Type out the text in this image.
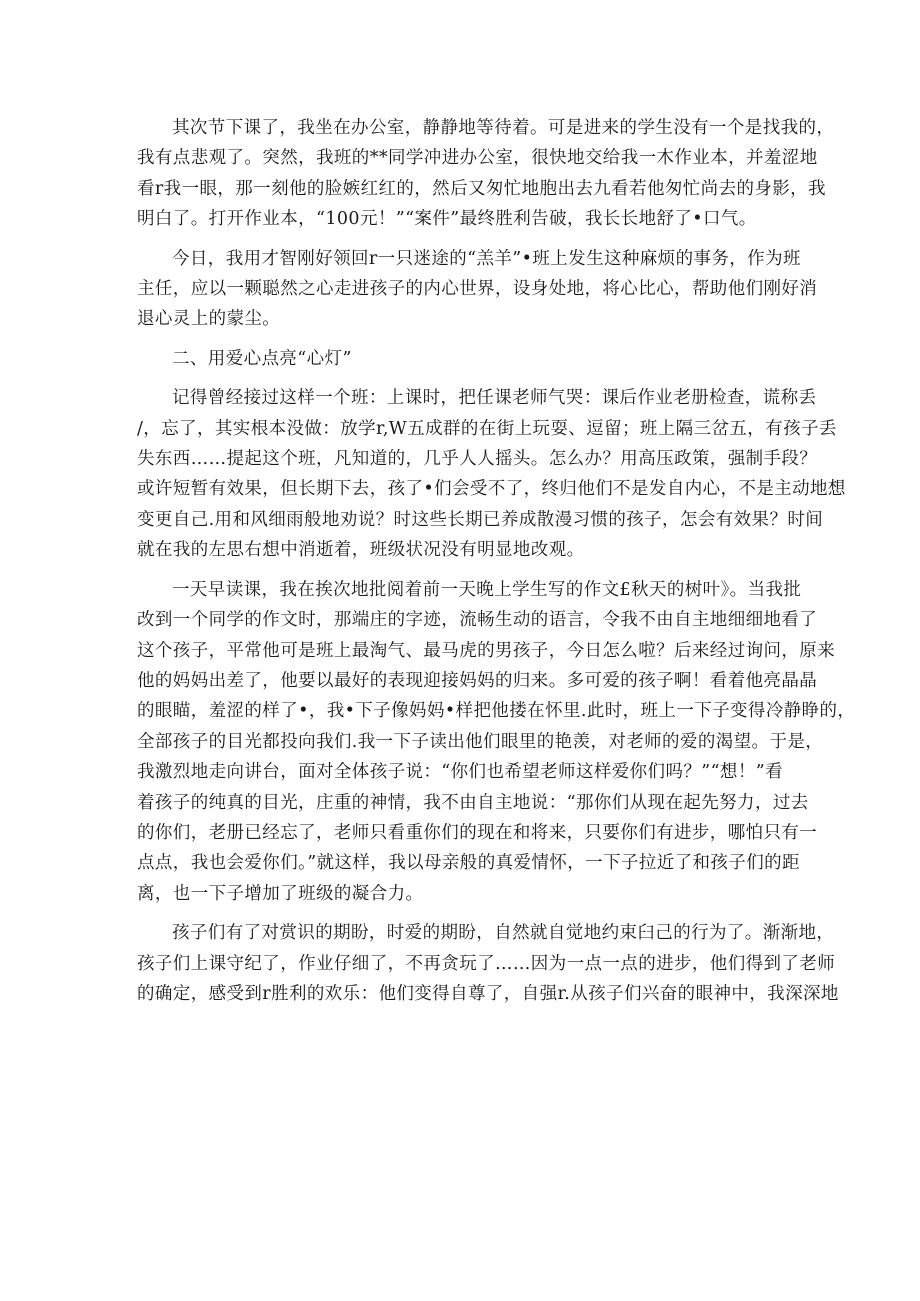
其次节下课了，我坐在办公室，静静地等待着。可是进来的学生没有一个是找我的，
我有点悲观了。突然，我班的**同学冲进办公室，很快地交给我一木作业本，并羞涩地
看r我一眼，那一刻他的脸嫉红红的，然后又匆忙地胞出去九看若他匆忙尚去的身影，我
明白了。打开作业本，“100元！”“案件”最终胜利告破，我长长地舒了•口气。

今日，我用才智刚好领回r一只迷途的“羔羊”•班上发生这种麻烦的事务，作为班
主任，应以一颗聪然之心走进孩子的内心世界，设身处地，将心比心，帮助他们刚好消
退心灵上的蒙尘。

二、用爱心点亮“心灯”

记得曾经接过这样一个班：上课时，把任课老师气哭：课后作业老册检查，谎称丢
/，忘了，其实根本没做：放学r,W五成群的在街上玩耍、逗留；班上隔三岔五，有孩子丢
失东西……提起这个班，凡知道的，几乎人人摇头。怎么办？用高压政策，强制手段？
或许短暂有效果，但长期下去，孩了•们会受不了，终归他们不是发自内心，不是主动地想
变更自己.用和风细雨般地劝说？时这些长期已养成散漫习惯的孩子，怎会有效果？时间
就在我的左思右想中消逝着，班级状况没有明显地改观。

一天早读课，我在挨次地批阅着前一天晚上学生写的作文£秋天的树叶》。当我批
改到一个同学的作文时，那端庄的字迹，流畅生动的语言，令我不由自主地细细地看了
这个孩子，平常他可是班上最淘气、最马虎的男孩子，今日怎么啦？后来经过询问，原来
他的妈妈出差了，他要以最好的表现迎接妈妈的归来。多可爱的孩子啊！看着他亮晶晶
的眼瞄，羞涩的样了•，我•下子像妈妈•样把他搂在怀里.此时，班上一下子变得冷静睁的，
全部孩子的目光都投向我们.我一下子读出他们眼里的艳羡，对老师的爱的渴望。于是，
我激烈地走向讲台，面对全体孩子说：“你们也希望老师这样爱你们吗？”“想！”看
着孩子的纯真的目光，庄重的神情，我不由自主地说：“那你们从现在起先努力，过去
的你们，老册已经忘了，老师只看重你们的现在和将来，只要你们有进步，哪怕只有一
点点，我也会爱你们。”就这样，我以母亲般的真爱情怀，一下子拉近了和孩子们的距
离，也一下子增加了班级的凝合力。

孩子们有了对赏识的期盼，时爱的期盼，自然就自觉地约束臼己的行为了。渐渐地，
孩子们上课守纪了，作业仔细了，不再贪玩了……因为一点一点的进步，他们得到了老师
的确定，感受到r胜利的欢乐：他们变得自尊了，自强r.从孩子们兴奋的眼神中，我深深地
